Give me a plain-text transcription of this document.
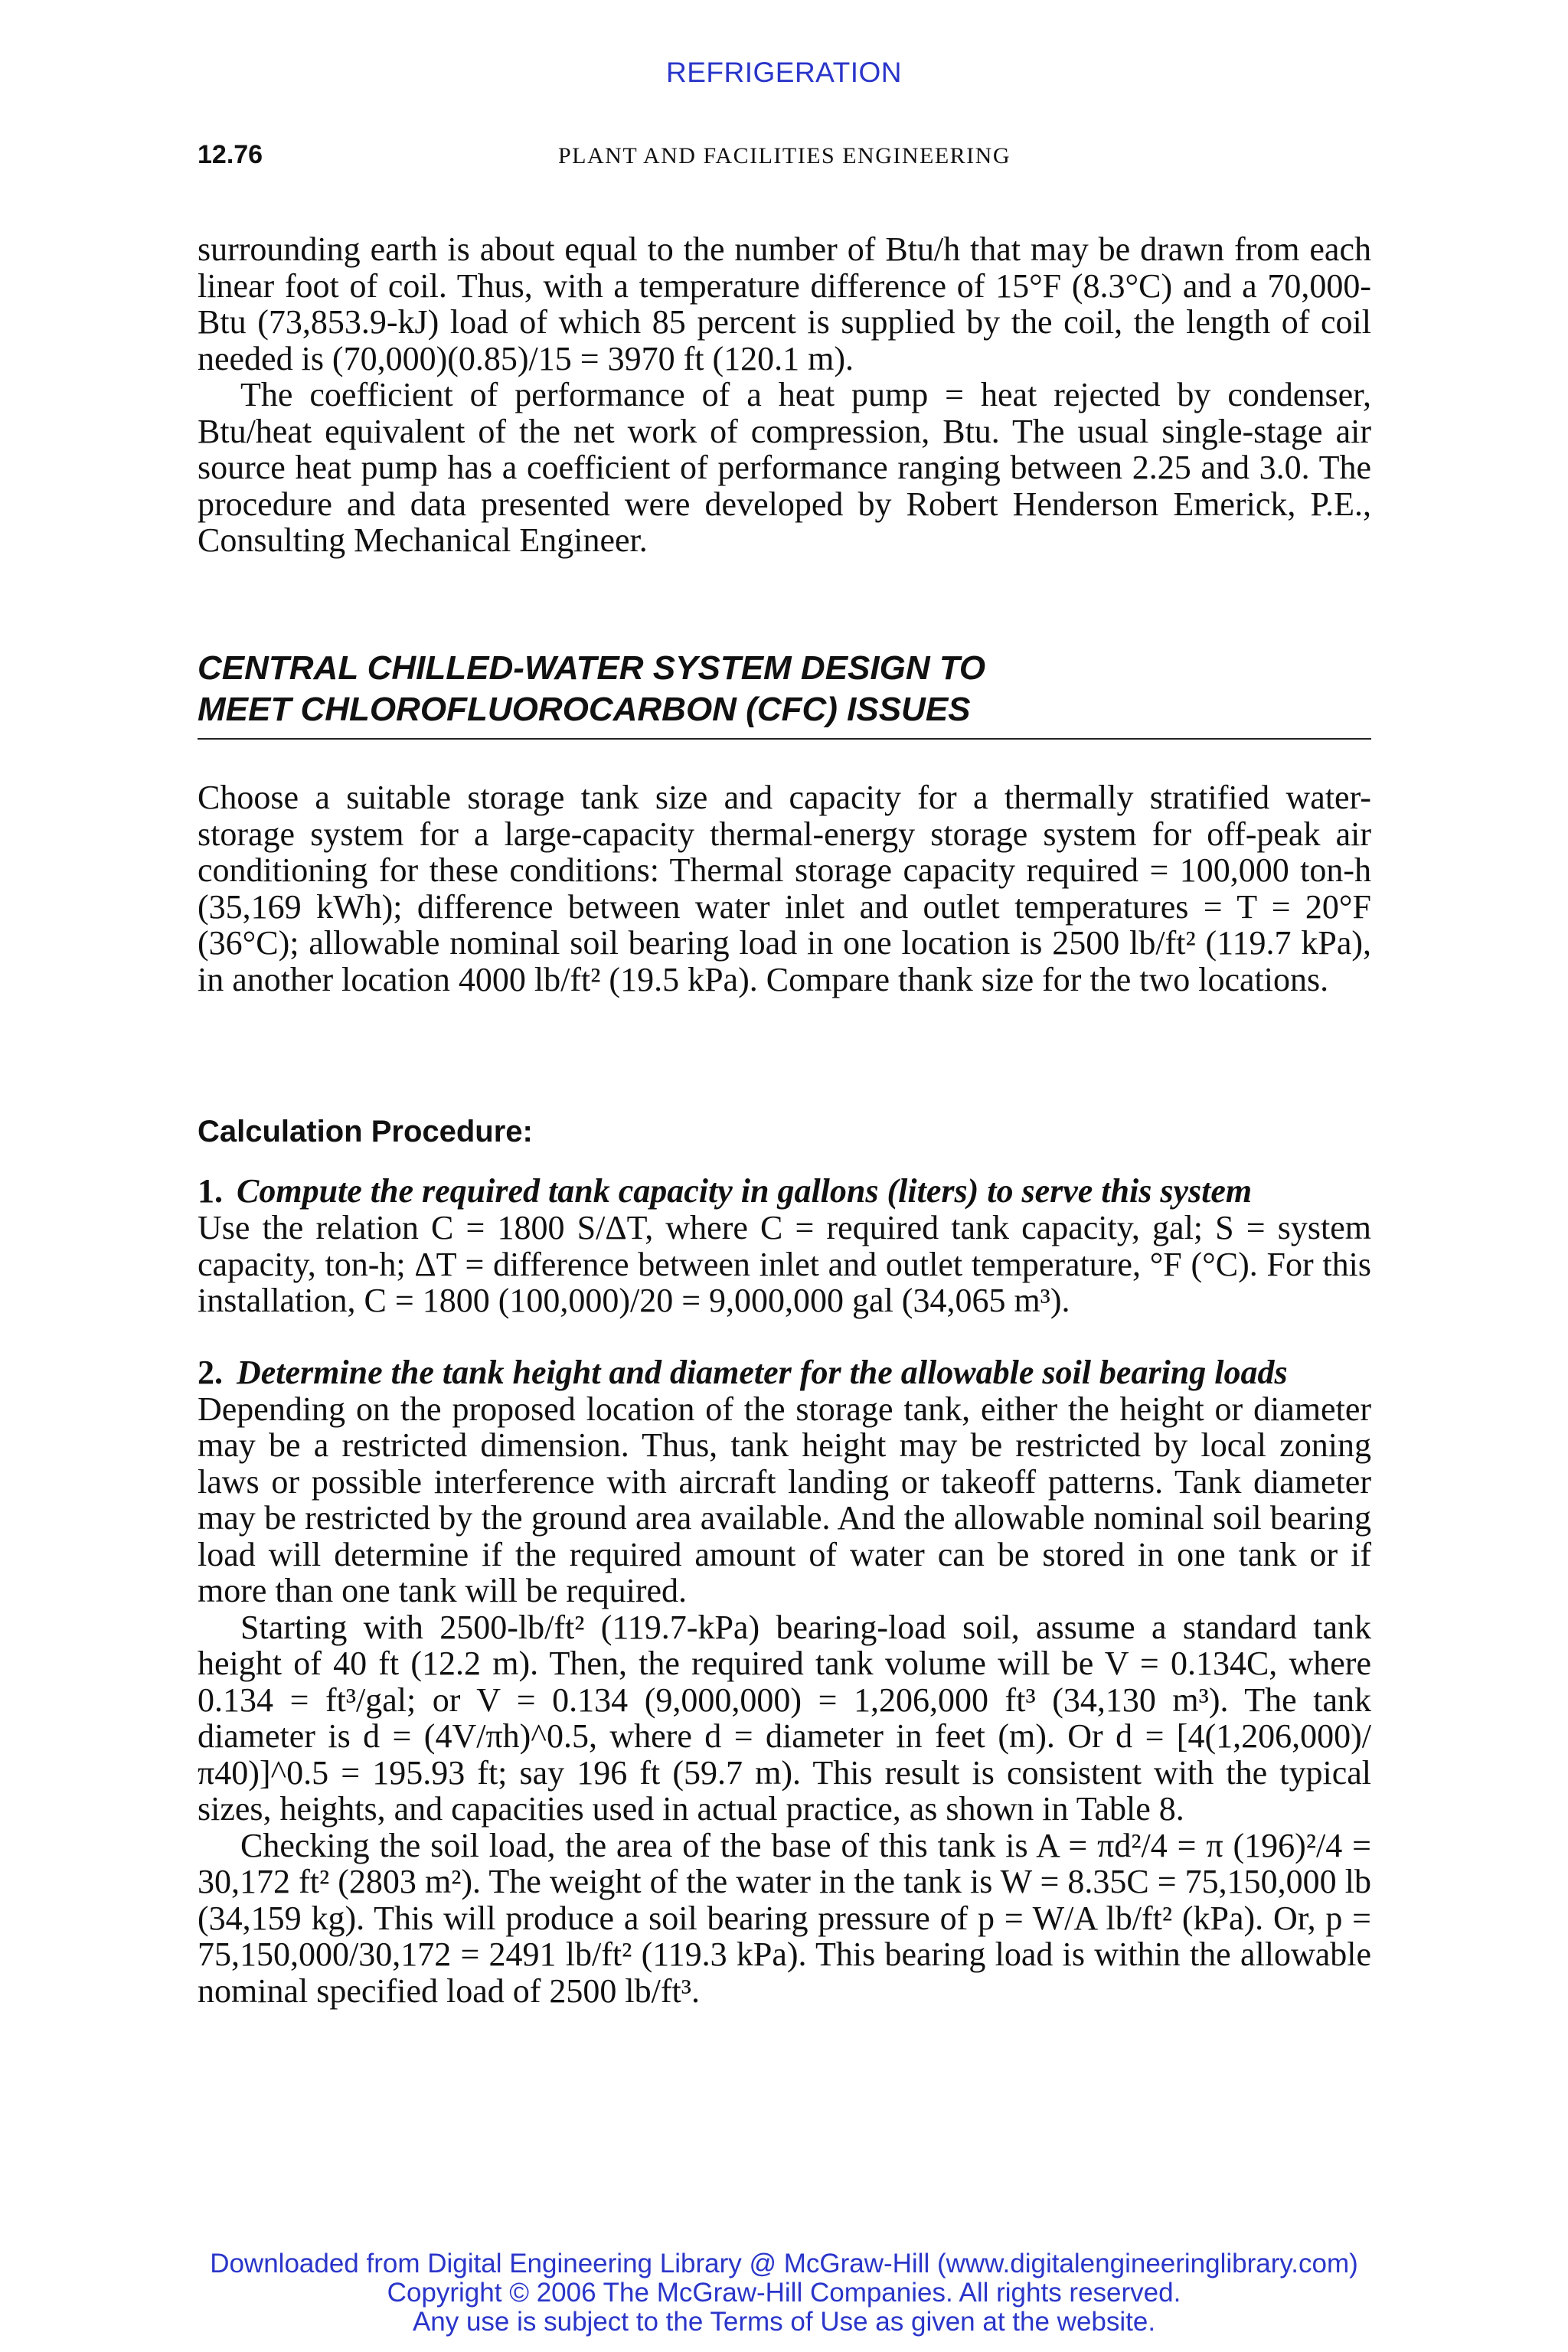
REFRIGERATION
12.76	PLANT AND FACILITIES ENGINEERING

surrounding earth is about equal to the number of Btu/h that may be drawn from each linear foot of coil. Thus, with a temperature difference of 15°F (8.3°C) and a 70,000-Btu (73,853.9-kJ) load of which 85 percent is supplied by the coil, the length of coil needed is (70,000)(0.85)/15 = 3970 ft (120.1 m).

The coefficient of performance of a heat pump = heat rejected by condenser, Btu/heat equivalent of the net work of compression, Btu. The usual single-stage air source heat pump has a coefficient of performance ranging between 2.25 and 3.0. The procedure and data presented were developed by Robert Henderson Emerick, P.E., Consulting Mechanical Engineer.

CENTRAL CHILLED-WATER SYSTEM DESIGN TO
MEET CHLOROFLUOROCARBON (CFC) ISSUES

Choose a suitable storage tank size and capacity for a thermally stratified water-storage system for a large-capacity thermal-energy storage system for off-peak air conditioning for these conditions: Thermal storage capacity required = 100,000 ton-h (35,169 kWh); difference between water inlet and outlet temperatures = T = 20°F (36°C); allowable nominal soil bearing load in one location is 2500 lb/ft² (119.7 kPa), in another location 4000 lb/ft² (19.5 kPa). Compare thank size for the two locations.

Calculation Procedure:
1. Compute the required tank capacity in gallons (liters) to serve this system

Use the relation C = 1800 S/ΔT, where C = required tank capacity, gal; S = system capacity, ton-h; ΔT = difference between inlet and outlet temperature, °F (°C). For this installation, C = 1800 (100,000)/20 = 9,000,000 gal (34,065 m³).

2. Determine the tank height and diameter for the allowable soil bearing loads

Depending on the proposed location of the storage tank, either the height or diameter may be a restricted dimension. Thus, tank height may be restricted by local zoning laws or possible interference with aircraft landing or takeoff patterns. Tank diameter may be restricted by the ground area available. And the allowable nominal soil bearing load will determine if the required amount of water can be stored in one tank or if more than one tank will be required.

Starting with 2500-lb/ft² (119.7-kPa) bearing-load soil, assume a standard tank height of 40 ft (12.2 m). Then, the required tank volume will be V = 0.134C, where 0.134 = ft³/gal; or V = 0.134 (9,000,000) = 1,206,000 ft³ (34,130 m³). The tank diameter is d = (4V/πh)^0.5, where d = diameter in feet (m). Or d = [4(1,206,000)/π40)]^0.5 = 195.93 ft; say 196 ft (59.7 m). This result is consistent with the typical sizes, heights, and capacities used in actual practice, as shown in Table 8.

Checking the soil load, the area of the base of this tank is A = πd²/4 = π (196)²/4 = 30,172 ft² (2803 m²). The weight of the water in the tank is W = 8.35C = 75,150,000 lb (34,159 kg). This will produce a soil bearing pressure of p = W/A lb/ft² (kPa). Or, p = 75,150,000/30,172 = 2491 lb/ft² (119.3 kPa). This bearing load is within the allowable nominal specified load of 2500 lb/ft³.

Downloaded from Digital Engineering Library @ McGraw-Hill (www.digitalengineeringlibrary.com)
Copyright © 2006 The McGraw-Hill Companies. All rights reserved.
Any use is subject to the Terms of Use as given at the website.
